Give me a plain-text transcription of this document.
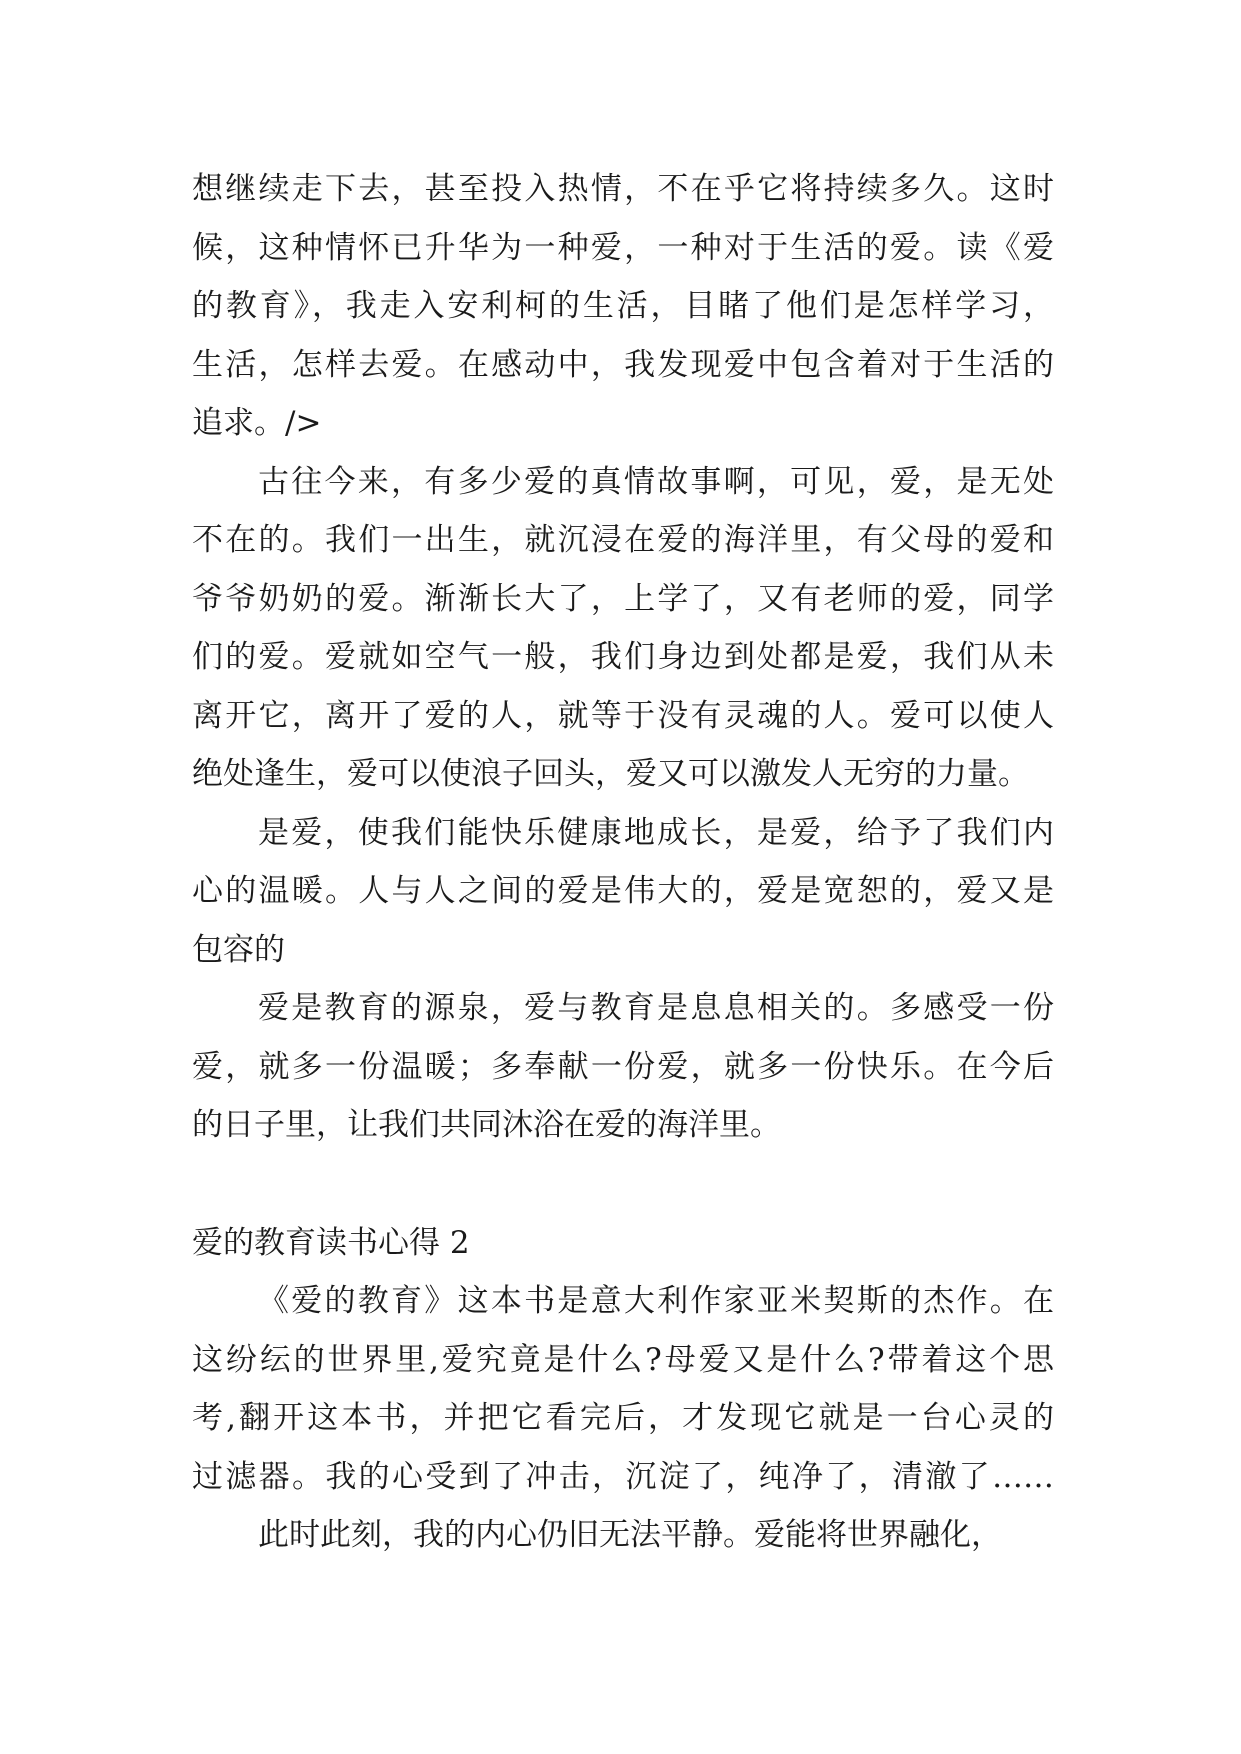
想继续走下去，甚至投入热情，不在乎它将持续多久。这时
候，这种情怀已升华为一种爱，一种对于生活的爱。读《爱
的教育》，我走入安利柯的生活，目睹了他们是怎样学习，
生活，怎样去爱。在感动中，我发现爱中包含着对于生活的
追求。/>
古往今来，有多少爱的真情故事啊，可见，爱，是无处
不在的。我们一出生，就沉浸在爱的海洋里，有父母的爱和
爷爷奶奶的爱。渐渐长大了，上学了，又有老师的爱，同学
们的爱。爱就如空气一般，我们身边到处都是爱，我们从未
离开它，离开了爱的人，就等于没有灵魂的人。爱可以使人
绝处逢生，爱可以使浪子回头，爱又可以激发人无穷的力量。
是爱，使我们能快乐健康地成长，是爱，给予了我们内
心的温暖。人与人之间的爱是伟大的，爱是宽恕的，爱又是
包容的
爱是教育的源泉，爱与教育是息息相关的。多感受一份
爱，就多一份温暖；多奉献一份爱，就多一份快乐。在今后
的日子里，让我们共同沐浴在爱的海洋里。
爱的教育读书心得 2
《爱的教育》这本书是意大利作家亚米契斯的杰作。在
这纷纭的世界里,爱究竟是什么?母爱又是什么?带着这个思
考,翻开这本书，并把它看完后，才发现它就是一台心灵的
过滤器。我的心受到了冲击，沉淀了，纯净了，清澈了……
此时此刻，我的内心仍旧无法平静。爱能将世界融化，
